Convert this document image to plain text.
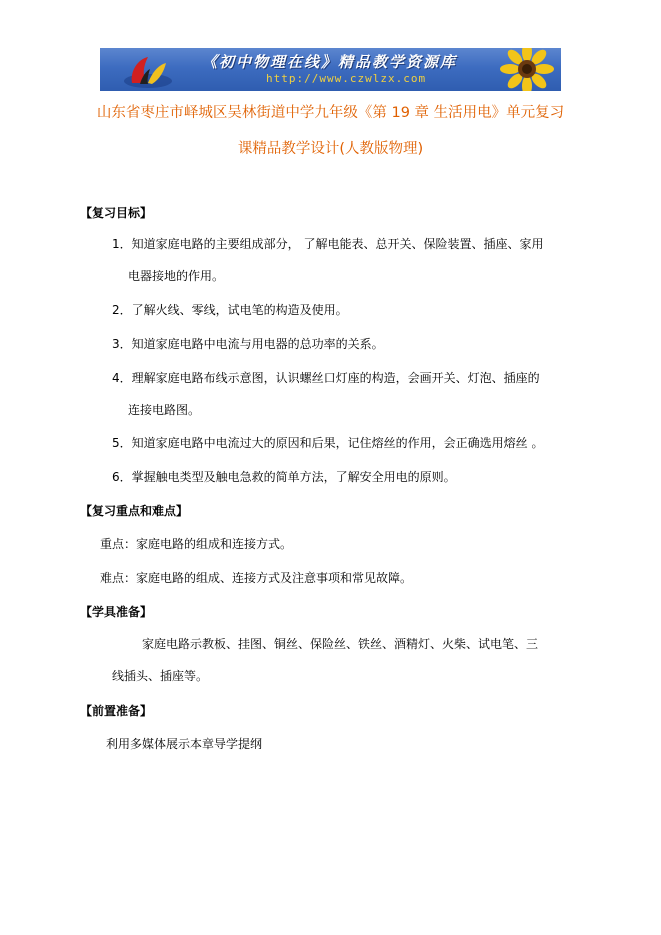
《初中物理在线》精品教学资源库
http://www.czwlzx.com
山东省枣庄市峄城区吴林街道中学九年级《第 19 章 生活用电》单元复习
课精品教学设计(人教版物理)
【复习目标】
1．知道家庭电路的主要组成部分， 了解电能表、总开关、保险装置、插座、家用
电器接地的作用。
2．了解火线、零线，试电笔的构造及使用。
3．知道家庭电路中电流与用电器的总功率的关系。
4．理解家庭电路布线示意图，认识螺丝口灯座的构造，会画开关、灯泡、插座的
连接电路图。
5．知道家庭电路中电流过大的原因和后果，记住熔丝的作用，会正确选用熔丝 。
6．掌握触电类型及触电急救的简单方法，了解安全用电的原则。
【复习重点和难点】
重点：家庭电路的组成和连接方式。
难点：家庭电路的组成、连接方式及注意事项和常见故障。
【学具准备】
家庭电路示教板、挂图、铜丝、保险丝、铁丝、酒精灯、火柴、试电笔、三
线插头、插座等。
【前置准备】
利用多媒体展示本章导学提纲
